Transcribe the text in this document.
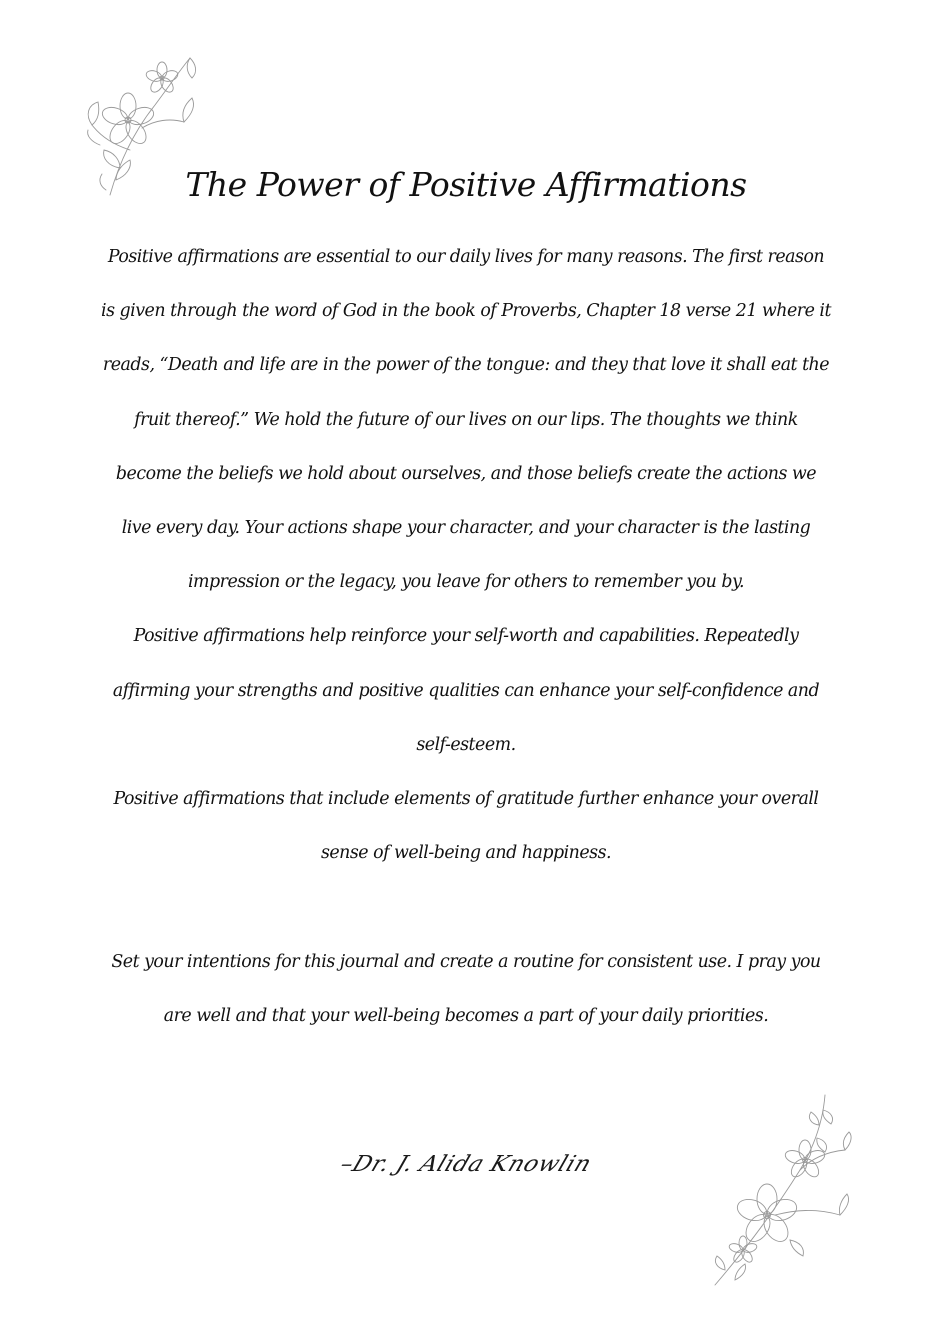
The Power of Positive Affirmations

Positive affirmations are essential to our daily lives for many reasons. The first reason is given through the word of God in the book of Proverbs, Chapter 18 verse 21 where it reads, “Death and life are in the power of the tongue: and they that love it shall eat the fruit thereof.” We hold the future of our lives on our lips. The thoughts we think become the beliefs we hold about ourselves, and those beliefs create the actions we live every day. Your actions shape your character, and your character is the lasting impression or the legacy, you leave for others to remember you by.

Positive affirmations help reinforce your self-worth and capabilities. Repeatedly affirming your strengths and positive qualities can enhance your self-confidence and self-esteem.

Positive affirmations that include elements of gratitude further enhance your overall sense of well-being and happiness.

Set your intentions for this journal and create a routine for consistent use. I pray you are well and that your well-being becomes a part of your daily priorities.

–Dr. J. Alida Knowlin
